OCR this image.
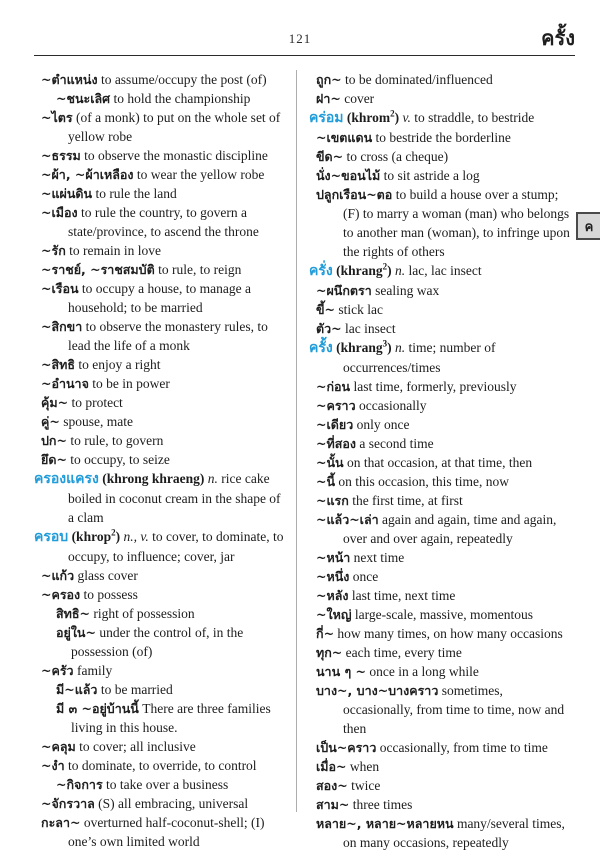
121	ครั้ง
~ตำแหน่ง to assume/occupy the post (of)
~ชนะเลิศ to hold the championship
~ไตร (of a monk) to put on the whole set of yellow robe
~ธรรม to observe the monastic discipline
~ผ้า, ~ผ้าเหลือง to wear the yellow robe
~แผ่นดิน to rule the land
~เมือง to rule the country, to govern a state/province, to ascend the throne
~รัก to remain in love
~ราชย์, ~ราชสมบัติ to rule, to reign
~เรือน to occupy a house, to manage a household; to be married
~สิกขา to observe the monastery rules, to lead the life of a monk
~สิทธิ to enjoy a right
~อำนาจ to be in power
คุ้ม~ to protect
คู่~ spouse, mate
ปก~ to rule, to govern
ยึด~ to occupy, to seize
ครองแครง (khrong khraeng) n. rice cake boiled in coconut cream in the shape of a clam
ครอบ (khrop$^2$) n., v. to cover, to dominate, to occupy, to influence; cover, jar
~แก้ว glass cover
~ครอง to possess
สิทธิ~ right of possession
อยู่ใน~ under the control of, in the possession (of)
~ครัว family
มี~แล้ว to be married
มี ๓ ~อยู่บ้านนี้ There are three families living in this house.
~คลุม to cover; all inclusive
~งำ to dominate, to override, to control
~กิจการ to take over a business
~จักรวาล (S) all embracing, universal
กะลา~ overturned half-coconut-shell; (I) one’s own limited world
ถูก~ to be dominated/influenced
ฝา~ cover
คร่อม (khrom$^2$) v. to straddle, to bestride
~เขตแดน to bestride the borderline
ขีด~ to cross (a cheque)
นั่ง~ขอนไม้ to sit astride a log
ปลูกเรือน~ตอ to build a house over a stump; (F) to marry a woman (man) who belongs to another man (woman), to infringe upon the rights of others
ครั่ง (khrang$^2$) n. lac, lac insect
~ผนึกตรา sealing wax
ขี้~ stick lac
ตัว~ lac insect
ครั้ง (khrang$^3$) n. time; number of occurrences/times
~ก่อน last time, formerly, previously
~คราว occasionally
~เดียว only once
~ที่สอง a second time
~นั้น on that occasion, at that time, then
~นี้ on this occasion, this time, now
~แรก the first time, at first
~แล้ว~เล่า again and again, time and again, over and over again, repeatedly
~หน้า next time
~หนึ่ง once
~หลัง last time, next time
~ใหญ่ large-scale, massive, momentous
กี่~ how many times, on how many occasions
ทุก~ each time, every time
นาน ๆ ~ once in a long while
บาง~, บาง~บางคราว sometimes, occasionally, from time to time, now and then
เป็น~คราว occasionally, from time to time
เมื่อ~ when
สอง~ twice
สาม~ three times
หลาย~, หลาย~หลายหน many/several times, on many occasions, repeatedly
ค
